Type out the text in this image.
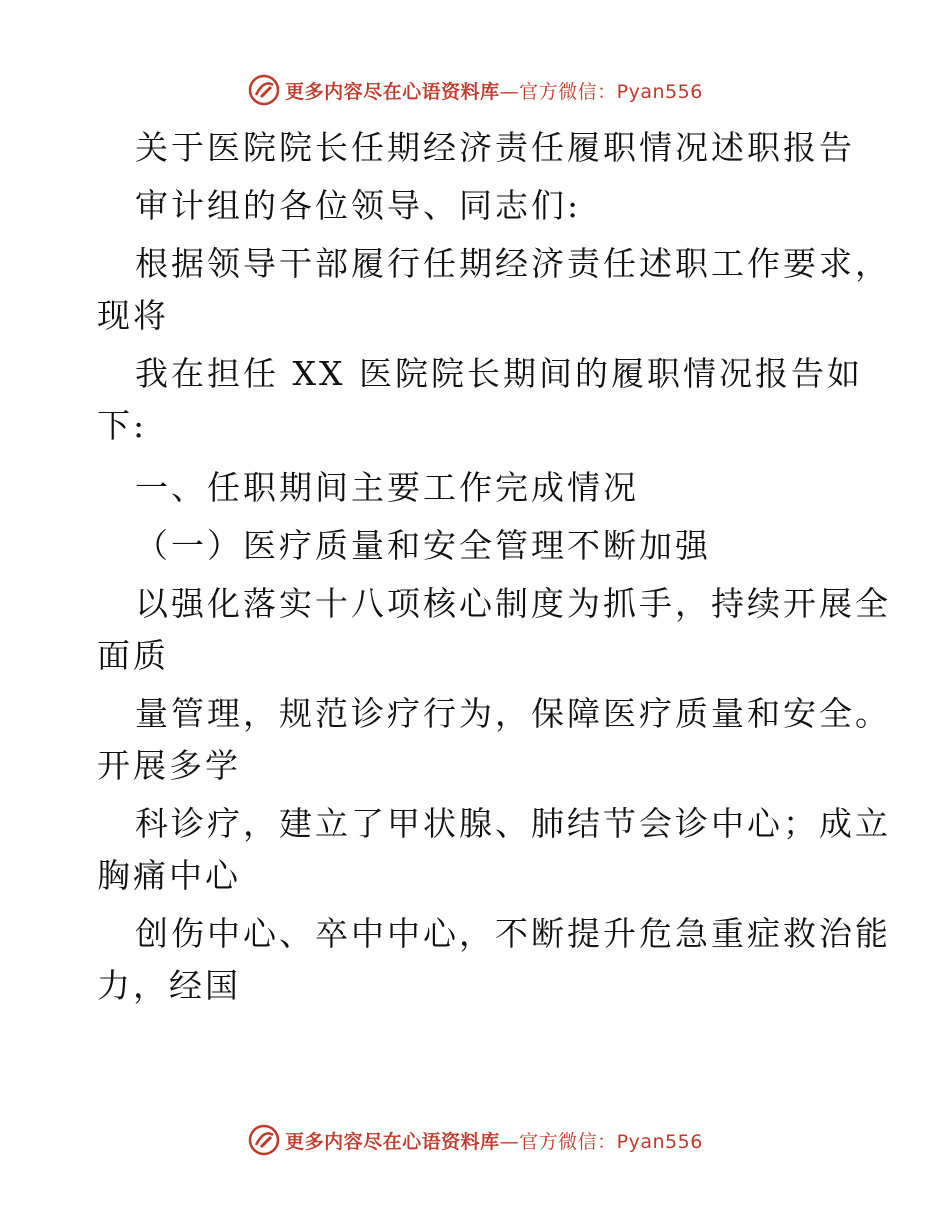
更多内容尽在心语资料库—官方微信：Pyan556
关于医院院长任期经济责任履职情况述职报告
审计组的各位领导、同志们:
根据领导干部履行任期经济责任述职工作要求，
现将
我在担任 XX 医院院长期间的履职情况报告如
下:
一、任职期间主要工作完成情况
（一）医疗质量和安全管理不断加强
以强化落实十八项核心制度为抓手，持续开展全
面质
量管理，规范诊疗行为，保障医疗质量和安全。
开展多学
科诊疗，建立了甲状腺、肺结节会诊中心；成立
胸痛中心
创伤中心、卒中中心，不断提升危急重症救治能
力，经国
更多内容尽在心语资料库—官方微信：Pyan556
